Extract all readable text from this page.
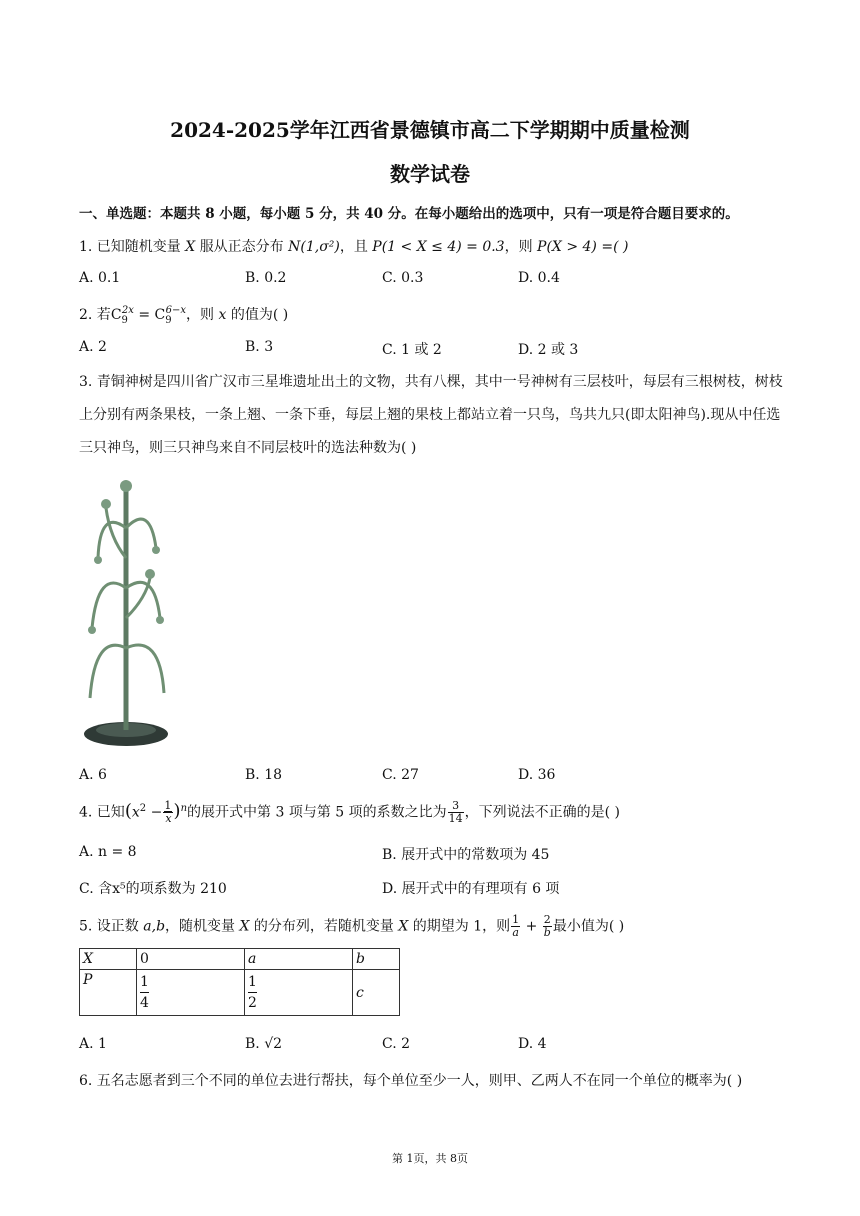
2024-2025学年江西省景德镇市高二下学期期中质量检测
数学试卷
一、单选题：本题共 8 小题，每小题 5 分，共 40 分。在每小题给出的选项中，只有一项是符合题目要求的。
1. 已知随机变量 X 服从正态分布 N(1,σ²)，且 P(1 < X ≤ 4) = 0.3，则 P(X > 4) =( )
A. 0.1	B. 0.2	C. 0.3	D. 0.4
2. 若$C_9^{2x} = C_9^{6-x}$，则 x 的值为( )
A. 2	B. 3	C. 1 或 2	D. 2 或 3
3. 青铜神树是四川省广汉市三星堆遗址出土的文物，共有八棵，其中一号神树有三层枝叶，每层有三根树枝，树枝上分别有两条果枝，一条上翘、一条下垂，每层上翘的果枝上都站立着一只鸟，鸟共九只(即太阳神鸟).现从中任选三只神鸟，则三只神鸟来自不同层枝叶的选法种数为( )
A. 6	B. 18	C. 27	D. 36
4. 已知$(x^2 - \frac{1}{x} )^n$的展开式中第 3 项与第 5 项的系数之比为 $\frac{3}{14}$ ，下列说法不正确的是( )
A. n = 8	B. 展开式中的常数项为 45
C. 含x⁵的项系数为 210	D. 展开式中的有理项有 6 项
5. 设正数 a,b，随机变量 X 的分布列，若随机变量 X 的期望为 1，则 $\frac{1}{a} + \frac{2}{b}$ 最小值为( )
X	0	a	b
P	$\frac{1}{4}$	$\frac{1}{2}$	c
A. 1	B. √2	C. 2	D. 4
6. 五名志愿者到三个不同的单位去进行帮扶，每个单位至少一人，则甲、乙两人不在同一个单位的概率为( )
第 1页，共 8页
